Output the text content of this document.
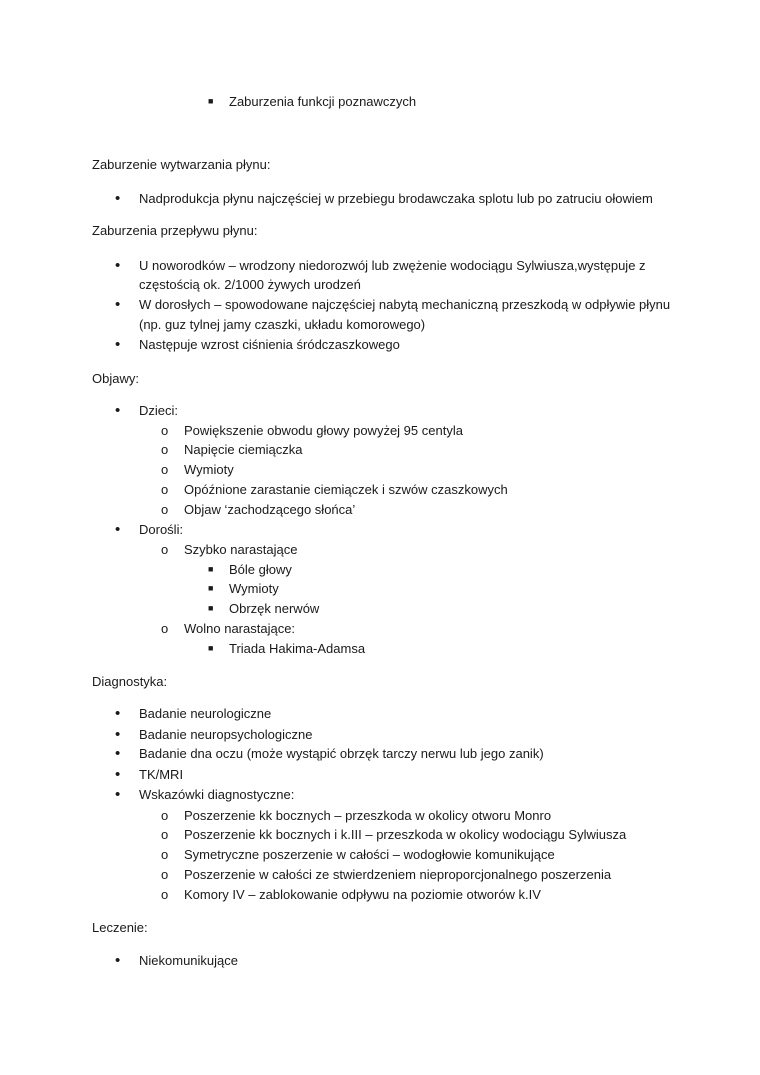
■ Zaburzenia funkcji poznawczych
Zaburzenie wytwarzania płynu:
• Nadprodukcja płynu najczęściej w przebiegu brodawczaka splotu lub po zatruciu ołowiem
Zaburzenia przepływu płynu:
• U noworodków – wrodzony niedorozwój lub zwężenie wodociągu Sylwiusza,występuje z
częstością ok. 2/1000 żywych urodzeń
• W dorosłych – spowodowane najczęściej nabytą mechaniczną przeszkodą w odpływie płynu
(np. guz tylnej jamy czaszki, układu komorowego)
• Następuje wzrost ciśnienia śródczaszkowego
Objawy:
• Dzieci:
o Powiększenie obwodu głowy powyżej 95 centyla
o Napięcie ciemiączka
o Wymioty
o Opóźnione zarastanie ciemiączek i szwów czaszkowych
o Objaw ‘zachodzącego słońca’
• Dorośli:
o Szybko narastające
■ Bóle głowy
■ Wymioty
■ Obrzęk nerwów
o Wolno narastające:
■ Triada Hakima-Adamsa
Diagnostyka:
• Badanie neurologiczne
• Badanie neuropsychologiczne
• Badanie dna oczu (może wystąpić obrzęk tarczy nerwu lub jego zanik)
• TK/MRI
• Wskazówki diagnostyczne:
o Poszerzenie kk bocznych – przeszkoda w okolicy otworu Monro
o Poszerzenie kk bocznych i k.III – przeszkoda w okolicy wodociągu Sylwiusza
o Symetryczne poszerzenie w całości – wodogłowie komunikujące
o Poszerzenie w całości ze stwierdzeniem nieproporcjonalnego poszerzenia
o Komory IV – zablokowanie odpływu na poziomie otworów k.IV
Leczenie:
• Niekomunikujące
